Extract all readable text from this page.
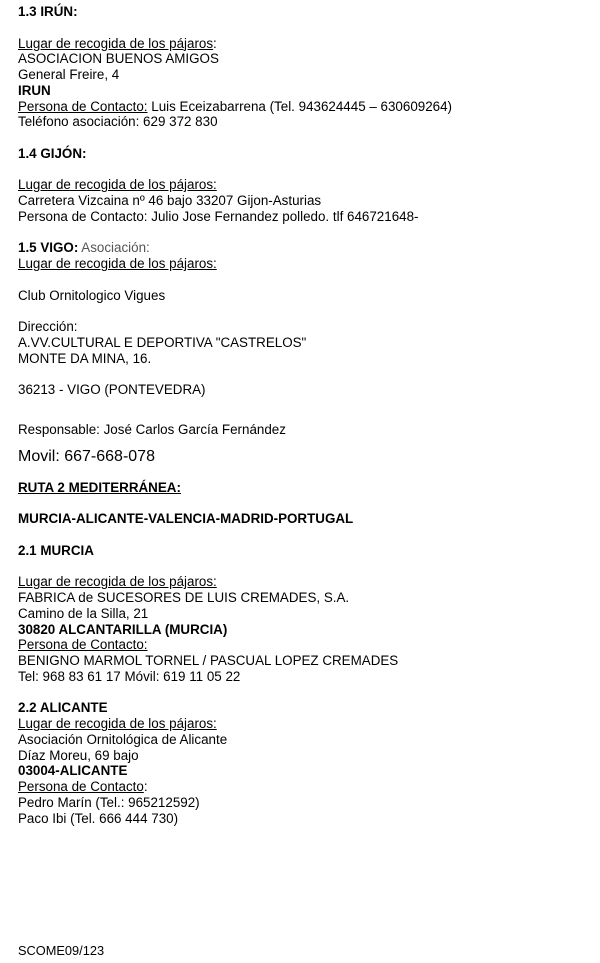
1.3 IRÚN:
Lugar de recogida de los pájaros:
ASOCIACION BUENOS AMIGOS
General Freire, 4
IRUN
Persona de Contacto: Luis Eceizabarrena (Tel. 943624445 – 630609264)
Teléfono asociación: 629 372 830
1.4 GIJÓN:
Lugar de recogida de los pájaros:
Carretera Vizcaina nº 46 bajo 33207 Gijon-Asturias
Persona de Contacto: Julio Jose Fernandez polledo. tlf 646721648-
1.5 VIGO: Asociación:
Lugar de recogida de los pájaros:
Club Ornitologico Vigues
Dirección:
A.VV.CULTURAL E DEPORTIVA "CASTRELOS"
MONTE DA MINA, 16.
36213 - VIGO (PONTEVEDRA)
Responsable: José Carlos García Fernández
Movil: 667-668-078
RUTA 2 MEDITERRÁNEA:
MURCIA-ALICANTE-VALENCIA-MADRID-PORTUGAL
2.1 MURCIA
Lugar de recogida de los pájaros:
FABRICA de SUCESORES DE LUIS CREMADES, S.A.
Camino de la Silla, 21
30820 ALCANTARILLA (MURCIA)
Persona de Contacto:
BENIGNO MARMOL TORNEL / PASCUAL LOPEZ CREMADES
Tel: 968 83 61 17 Móvil: 619 11 05 22
2.2 ALICANTE
Lugar de recogida de los pájaros:
Asociación Ornitológica de Alicante
Díaz Moreu, 69 bajo
03004-ALICANTE
Persona de Contacto:
Pedro Marín (Tel.: 965212592)
Paco Ibi (Tel. 666 444 730)
SCOME09/123
